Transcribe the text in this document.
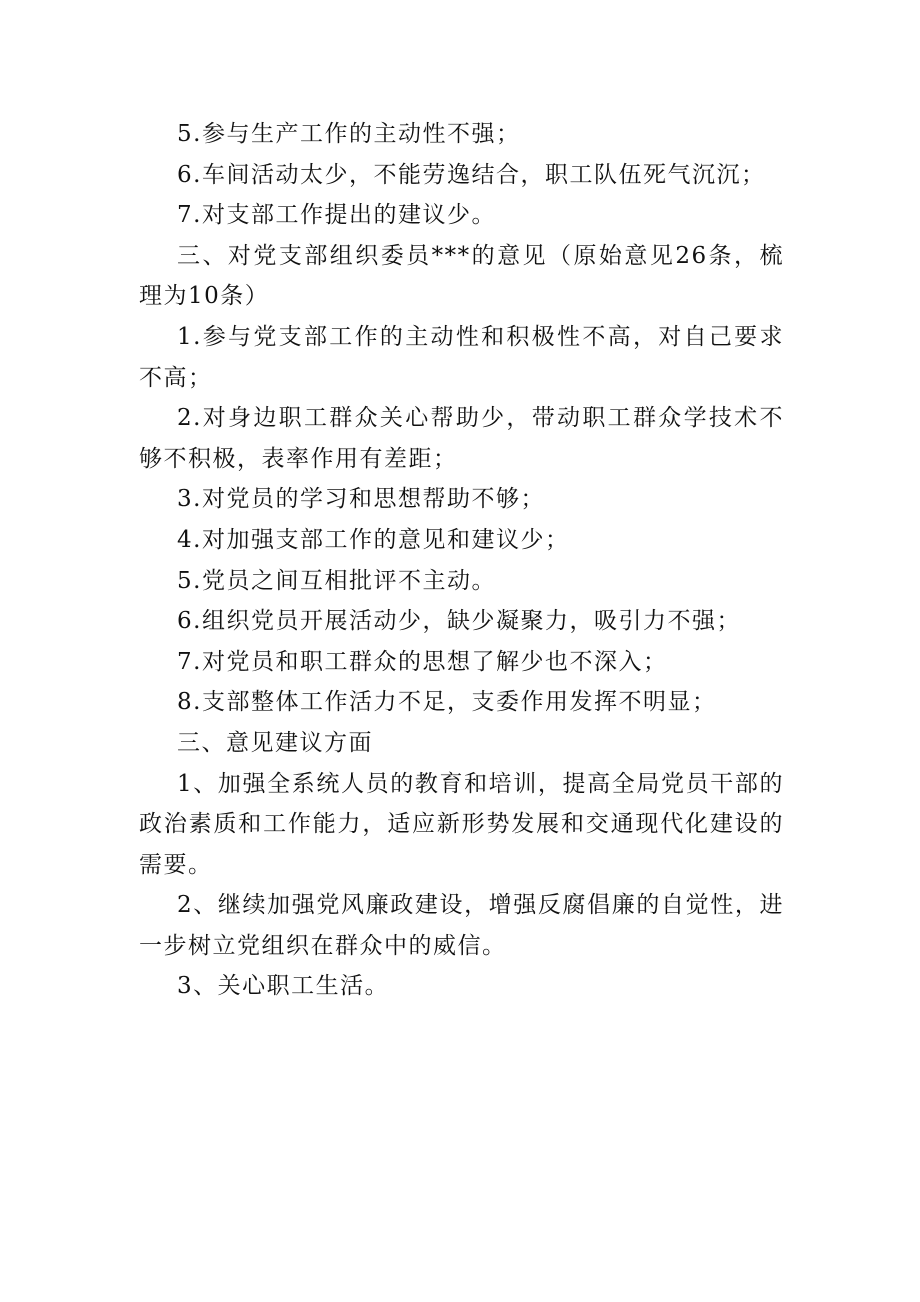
5.参与生产工作的主动性不强；

6.车间活动太少，不能劳逸结合，职工队伍死气沉沉；

7.对支部工作提出的建议少。

三、对党支部组织委员***的意见（原始意见26条，梳理为10条）

1.参与党支部工作的主动性和积极性不高，对自己要求不高；

2.对身边职工群众关心帮助少，带动职工群众学技术不够不积极，表率作用有差距；

3.对党员的学习和思想帮助不够；

4.对加强支部工作的意见和建议少；

5.党员之间互相批评不主动。

6.组织党员开展活动少，缺少凝聚力，吸引力不强；

7.对党员和职工群众的思想了解少也不深入；

8.支部整体工作活力不足，支委作用发挥不明显；

三、意见建议方面

1、加强全系统人员的教育和培训，提高全局党员干部的政治素质和工作能力，适应新形势发展和交通现代化建设的需要。

2、继续加强党风廉政建设，增强反腐倡廉的自觉性，进一步树立党组织在群众中的威信。

3、关心职工生活。
